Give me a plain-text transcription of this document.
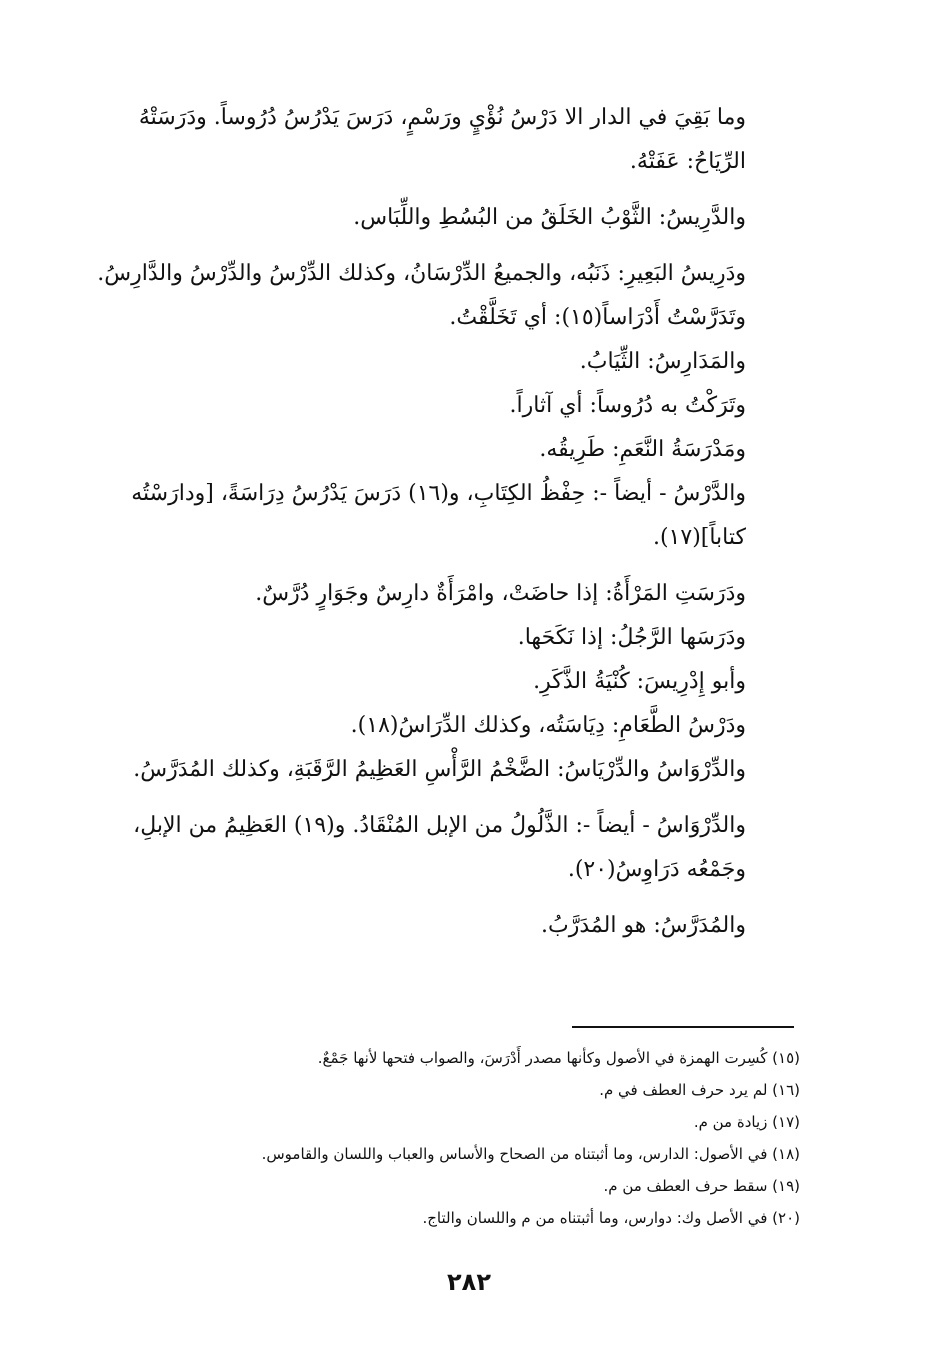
وما بَقِيَ في الدار الا دَرْسُ نُؤْيٍ ورَسْمٍ، دَرَسَ يَدْرُسُ دُرُوساً. ودَرَسَتْهُ الرِّيَاحُ: عَفَتْهُ.

والدَّرِيسُ: الثَّوْبُ الخَلَقُ من البُسُطِ واللِّبَاس.

ودَرِيسُ البَعِيرِ: ذَنَبُه، والجميعُ الدِّرْسَانُ، وكذلك الدِّرْسُ والدِّرْسُ والدَّارِسُ.

وتَدَرَّسْتُ أَدْرَاساً(١٥): أي تَخَلَّقْتُ.

والمَدَارِسُ: الثِّيَابُ.

وتَرَكْتُ به دُرُوساً: أي آثاراً.

ومَدْرَسَةُ النَّعَمِ: طَرِيقُه.

والدَّرْسُ - أيضاً -: حِفْظُ الكِتَابِ، و(١٦) دَرَسَ يَدْرُسُ دِرَاسَةً، [ودارَسْتُه كتاباً](١٧).

ودَرَسَتِ المَرْأَةُ: إذا حاضَتْ، وامْرَأَةٌ دارِسٌ وجَوَارٍ دُرَّسٌ.

ودَرَسَها الرَّجُلُ: إذا نَكَحَها.

وأبو إِدْرِيسَ: كُنْيَةُ الذَّكَرِ.

ودَرْسُ الطَّعَامِ: دِيَاسَتُه، وكذلك الدِّرَاسُ(١٨).

والدِّرْوَاسُ والدِّرْيَاسُ: الضَّخْمُ الرَّأْسِ العَظِيمُ الرَّقَبَةِ، وكذلك المُدَرَّسُ.

والدِّرْوَاسُ - أيضاً -: الذَّلُولُ من الإبل المُنْقَادُ. و(١٩) العَظِيمُ من الإبلِ، وجَمْعُه دَرَاوِسُ(٢٠).

والمُدَرَّسُ: هو المُدَرَّبُ.

(١٥) كُسِرت الهمزة في الأصول وكأنها مصدر أَدْرَسَ، والصواب فتحها لأنها جَمْعٌ.
(١٦) لم يرد حرف العطف في م.
(١٧) زيادة من م.
(١٨) في الأصول: الدارس، وما أثبتناه من الصحاح والأساس والعباب واللسان والقاموس.
(١٩) سقط حرف العطف من م.
(٢٠) في الأصل وك: دوارس، وما أثبتناه من م واللسان والتاج.
٢٨٢
